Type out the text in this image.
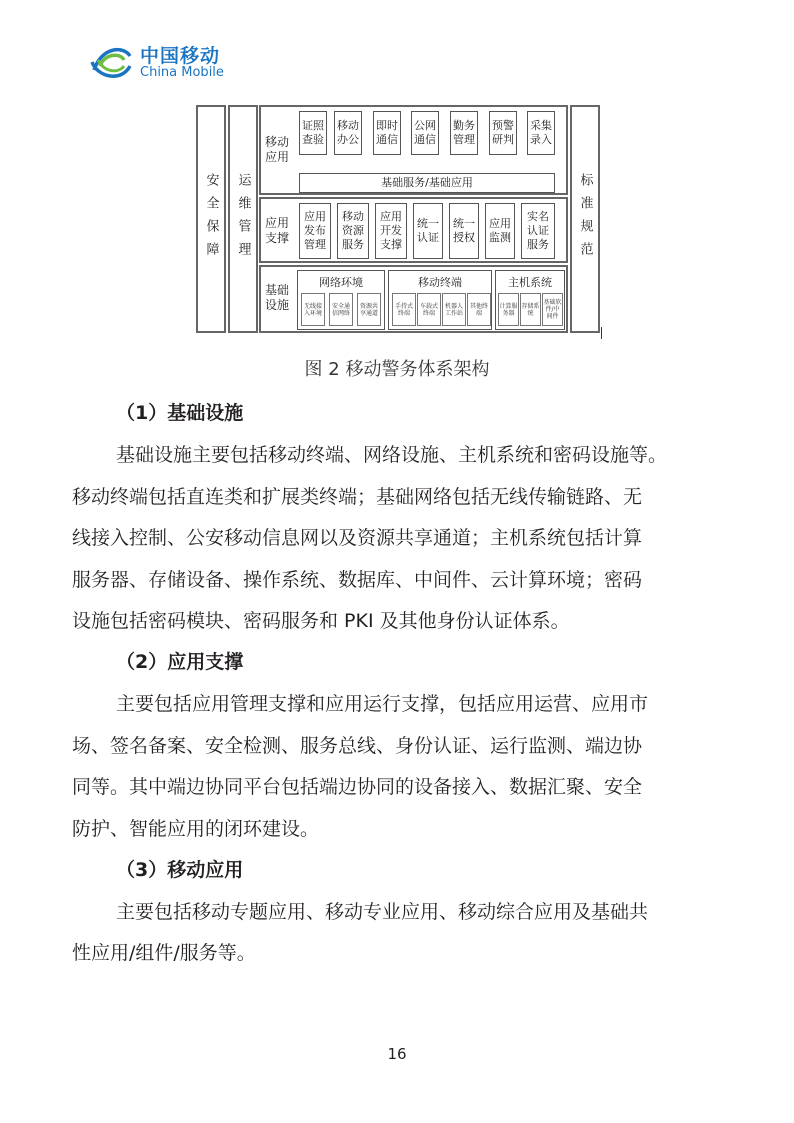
中国移动
China Mobile
安全保障 运维管理	标准规范
移动应用
证照查验
移动办公
即时通信
公网通信
勤务管理
预警研判
采集录入
基础服务/基础应用
应用支撑
应用发布管理
移动资源服务
应用开发支撑
统一认证
统一授权
应用监测
实名认证服务
基础设施
网络环境
无线接入环境
安全通信网络
资源共享通道
移动终端
手持式终端
车载式终端
机器人工作站
其他终端
主机系统
计算服务器
存储系统
基础软件/中间件
图 2 移动警务体系架构
（1）基础设施
基础设施主要包括移动终端、网络设施、主机系统和密码设施等。
移动终端包括直连类和扩展类终端；基础网络包括无线传输链路、无
线接入控制、公安移动信息网以及资源共享通道；主机系统包括计算
服务器、存储设备、操作系统、数据库、中间件、云计算环境；密码
设施包括密码模块、密码服务和 PKI 及其他身份认证体系。
（2）应用支撑
主要包括应用管理支撑和应用运行支撑，包括应用运营、应用市
场、签名备案、安全检测、服务总线、身份认证、运行监测、端边协
同等。其中端边协同平台包括端边协同的设备接入、数据汇聚、安全
防护、智能应用的闭环建设。
（3）移动应用
主要包括移动专题应用、移动专业应用、移动综合应用及基础共
性应用/组件/服务等。
16
